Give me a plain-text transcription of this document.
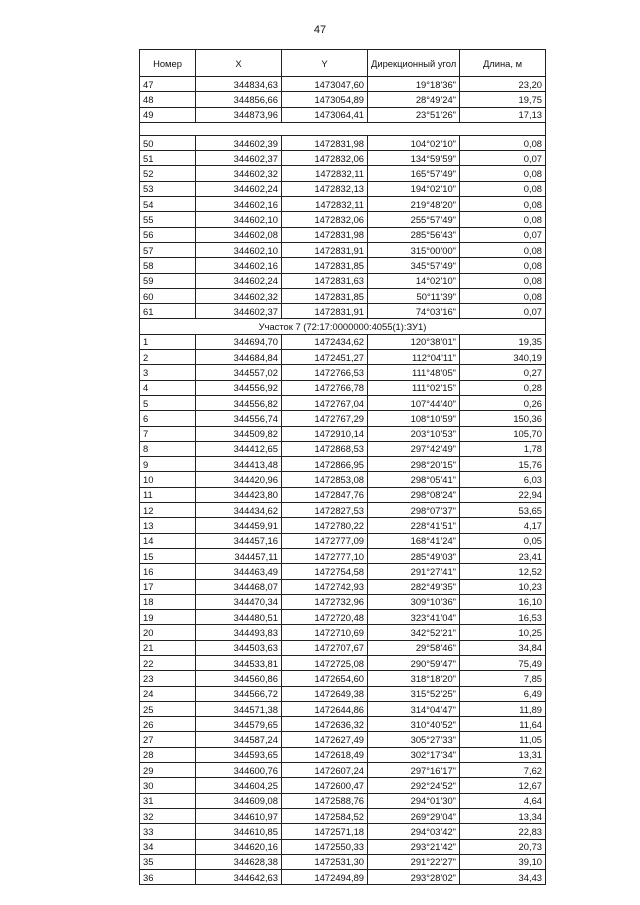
47
Номер	X	Y	Дирекционный угол	Длина, м
47	344834,63	1473047,60	19°18'36"	23,20
48	344856,66	1473054,89	28°49'24"	19,75
49	344873,96	1473064,41	23°51'26"	17,13

50	344602,39	1472831,98	104°02'10"	0,08
51	344602,37	1472832,06	134°59'59"	0,07
52	344602,32	1472832,11	165°57'49"	0,08
53	344602,24	1472832,13	194°02'10"	0,08
54	344602,16	1472832,11	219°48'20"	0,08
55	344602,10	1472832,06	255°57'49"	0,08
56	344602,08	1472831,98	285°56'43"	0,07
57	344602,10	1472831,91	315°00'00"	0,08
58	344602,16	1472831,85	345°57'49"	0,08
59	344602,24	1472831,63	14°02'10"	0,08
60	344602,32	1472831,85	50°11'39"	0,08
61	344602,37	1472831,91	74°03'16"	0,07
Участок 7 (72:17:0000000:4055(1):ЗУ1)				
1	344694,70	1472434,62	120°38'01"	19,35
2	344684,84	1472451,27	112°04'11"	340,19
3	344557,02	1472766,53	111°48'05"	0,27
4	344556,92	1472766,78	111°02'15"	0,28
5	344556,82	1472767,04	107°44'40"	0,26
6	344556,74	1472767,29	108°10'59"	150,36
7	344509,82	1472910,14	203°10'53"	105,70
8	344412,65	1472868,53	297°42'49"	1,78
9	344413,48	1472866,95	298°20'15"	15,76
10	344420,96	1472853,08	298°05'41"	6,03
11	344423,80	1472847,76	298°08'24"	22,94
12	344434,62	1472827,53	298°07'37"	53,65
13	344459,91	1472780,22	228°41'51"	4,17
14	344457,16	1472777,09	168°41'24"	0,05
15	344457,11	1472777,10	285°49'03"	23,41
16	344463,49	1472754,58	291°27'41"	12,52
17	344468,07	1472742,93	282°49'35"	10,23
18	344470,34	1472732,96	309°10'36"	16,10
19	344480,51	1472720,48	323°41'04"	16,53
20	344493,83	1472710,69	342°52'21"	10,25
21	344503,63	1472707,67	29°58'46"	34,84
22	344533,81	1472725,08	290°59'47"	75,49
23	344560,86	1472654,60	318°18'20"	7,85
24	344566,72	1472649,38	315°52'25"	6,49
25	344571,38	1472644,86	314°04'47"	11,89
26	344579,65	1472636,32	310°40'52"	11,64
27	344587,24	1472627,49	305°27'33"	11,05
28	344593,65	1472618,49	302°17'34"	13,31
29	344600,76	1472607,24	297°16'17"	7,62
30	344604,25	1472600,47	292°24'52"	12,67
31	344609,08	1472588,76	294°01'30"	4,64
32	344610,97	1472584,52	269°29'04"	13,34
33	344610,85	1472571,18	294°03'42"	22,83
34	344620,16	1472550,33	293°21'42"	20,73
35	344628,38	1472531,30	291°22'27"	39,10
36	344642,63	1472494,89	293°28'02"	34,43
